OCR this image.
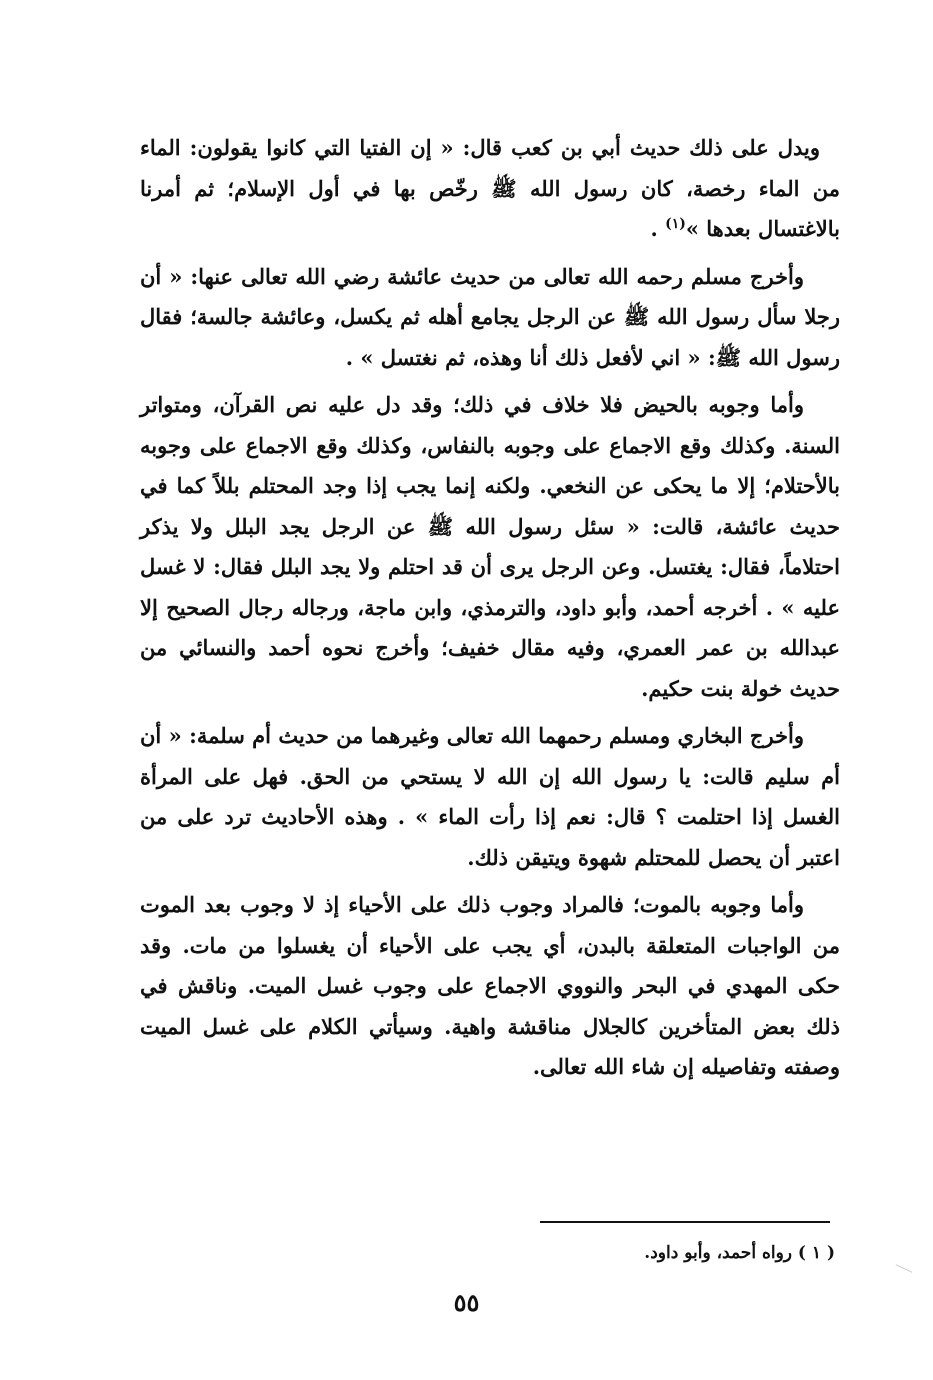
ويدل على ذلك حديث أبي بن كعب قال: « إن الفتيا التي كانوا يقولون: الماء من الماء رخصة، كان رسول الله ﷺ رخّص بها في أول الإسلام؛ ثم أمرنا بالاغتسال بعدها »$^{(١)}$ .

وأخرج مسلم رحمه الله تعالى من حديث عائشة رضي الله تعالى عنها: « أن رجلا سأل رسول الله ﷺ عن الرجل يجامع أهله ثم يكسل، وعائشة جالسة؛ فقال رسول الله ﷺ: « اني لأفعل ذلك أنا وهذه، ثم نغتسل » .

وأما وجوبه بالحيض فلا خلاف في ذلك؛ وقد دل عليه نص القرآن، ومتواتر السنة. وكذلك وقع الاجماع على وجوبه بالنفاس، وكذلك وقع الاجماع على وجوبه بالأحتلام؛ إلا ما يحكى عن النخعي. ولكنه إنما يجب إذا وجد المحتلم بللاً كما في حديث عائشة، قالت: « سئل رسول الله ﷺ عن الرجل يجد البلل ولا يذكر احتلاماً، فقال: يغتسل. وعن الرجل يرى أن قد احتلم ولا يجد البلل فقال: لا غسل عليه » . أخرجه أحمد، وأبو داود، والترمذي، وابن ماجة، ورجاله رجال الصحيح إلا عبدالله بن عمر العمري، وفيه مقال خفيف؛ وأخرج نحوه أحمد والنسائي من حديث خولة بنت حكيم.

وأخرج البخاري ومسلم رحمهما الله تعالى وغيرهما من حديث أم سلمة: « أن أم سليم قالت: يا رسول الله إن الله لا يستحي من الحق. فهل على المرأة الغسل إذا احتلمت ؟ قال: نعم إذا رأت الماء » . وهذه الأحاديث ترد على من اعتبر أن يحصل للمحتلم شهوة ويتيقن ذلك.

وأما وجوبه بالموت؛ فالمراد وجوب ذلك على الأحياء إذ لا وجوب بعد الموت من الواجبات المتعلقة بالبدن، أي يجب على الأحياء أن يغسلوا من مات. وقد حكى المهدي في البحر والنووي الاجماع على وجوب غسل الميت. وناقش في ذلك بعض المتأخرين كالجلال مناقشة واهية. وسيأتي الكلام على غسل الميت وصفته وتفاصيله إن شاء الله تعالى.

( ١ ) رواه أحمد، وأبو داود.
٥٥
